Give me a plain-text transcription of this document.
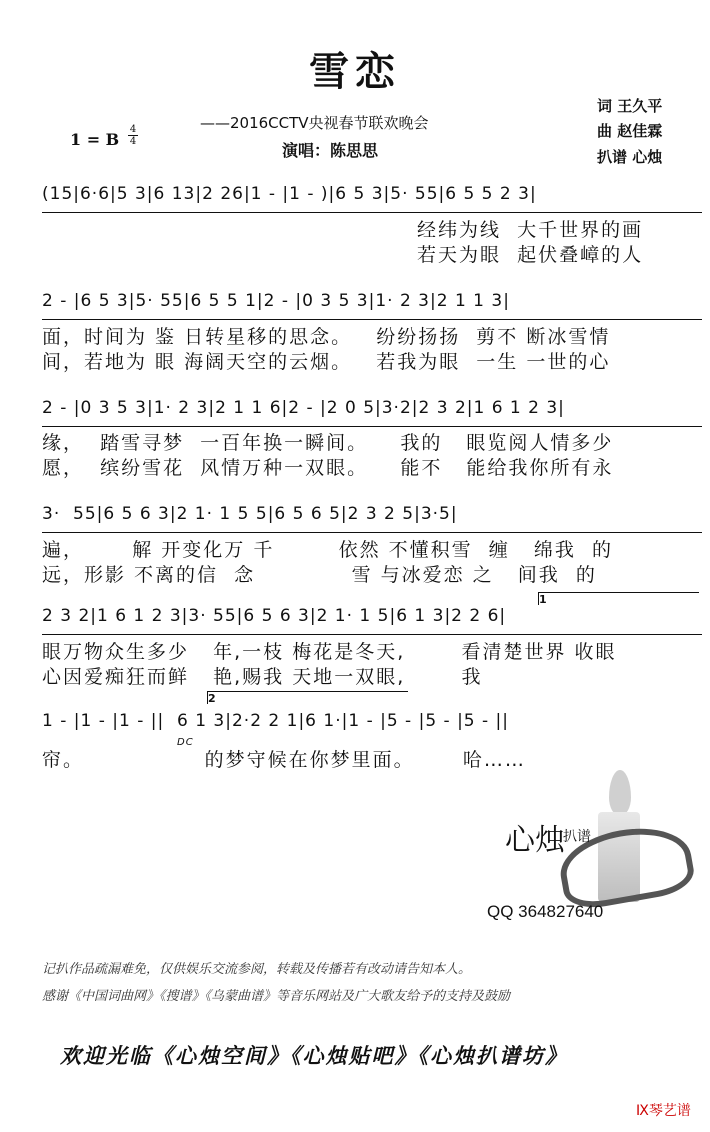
雪恋
——2016CCTV央视春节联欢晚会
演唱：陈思思
1 = B
4
4
词 王久平
曲 赵佳霖
扒谱 心烛

(15|6·6|5 3|6 13|2 26|1 - |1 - )|6 5 3|5· 55|6 5 5 2 3|

经纬为线  大千世界的画
若天为眼  起伏叠嶂的人

2 - |6 5 3|5· 55|6 5 5 1|2 - |0 3 5 3|1· 2 3|2 1 1 3|

面，时间为 鉴 日转星移的思念。   纷纷扬扬  剪不 断冰雪情
间，若地为 眼 海阔天空的云烟。   若我为眼  一生 一世的心

2 - |0 3 5 3|1· 2 3|2 1 1 6|2 - |2 0 5|3·2|2 3 2|1 6 1 2 3|

缘，  踏雪寻梦  一百年换一瞬间。    我的   眼览阅人情多少
愿，  缤纷雪花  风情万种一双眼。    能不   能给我你所有永

3·  55|6 5 6 3|2 1· 1 5 5|6 5 6 5|2 3 2 5|3·5|

遍，      解 开变化万 千        依然 不懂积雪  缠   绵我  的
远，形影 不离的信  念            雪 与冰爱恋 之   间我  的

2 3 2|1 6 1 2 3|3· 55|6 5 6 3|2 1· 1 5|6 1 3|2 2 6|

1

眼万物众生多少   年,一枝 梅花是冬天,       看清楚世界 收眼
心因爱痴狂而鲜   艳,赐我 天地一双眼,       我

1 - |1 - |1 - ||  6 1 3|2·2 2 1|6 1·|1 - |5 - |5 - |5 - ||

2

DC

帘。               的梦守候在你梦里面。      哈……
心烛
扒谱
QQ 364827640
记扒作品疏漏难免，仅供娱乐交流参阅，转载及传播若有改动请告知本人。
感谢《中国词曲网》《搜谱》《乌蒙曲谱》等音乐网站及广大歌友给予的支持及鼓励
欢迎光临《心烛空间》《心烛贴吧》《心烛扒谱坊》
Ⅸ琴艺谱
